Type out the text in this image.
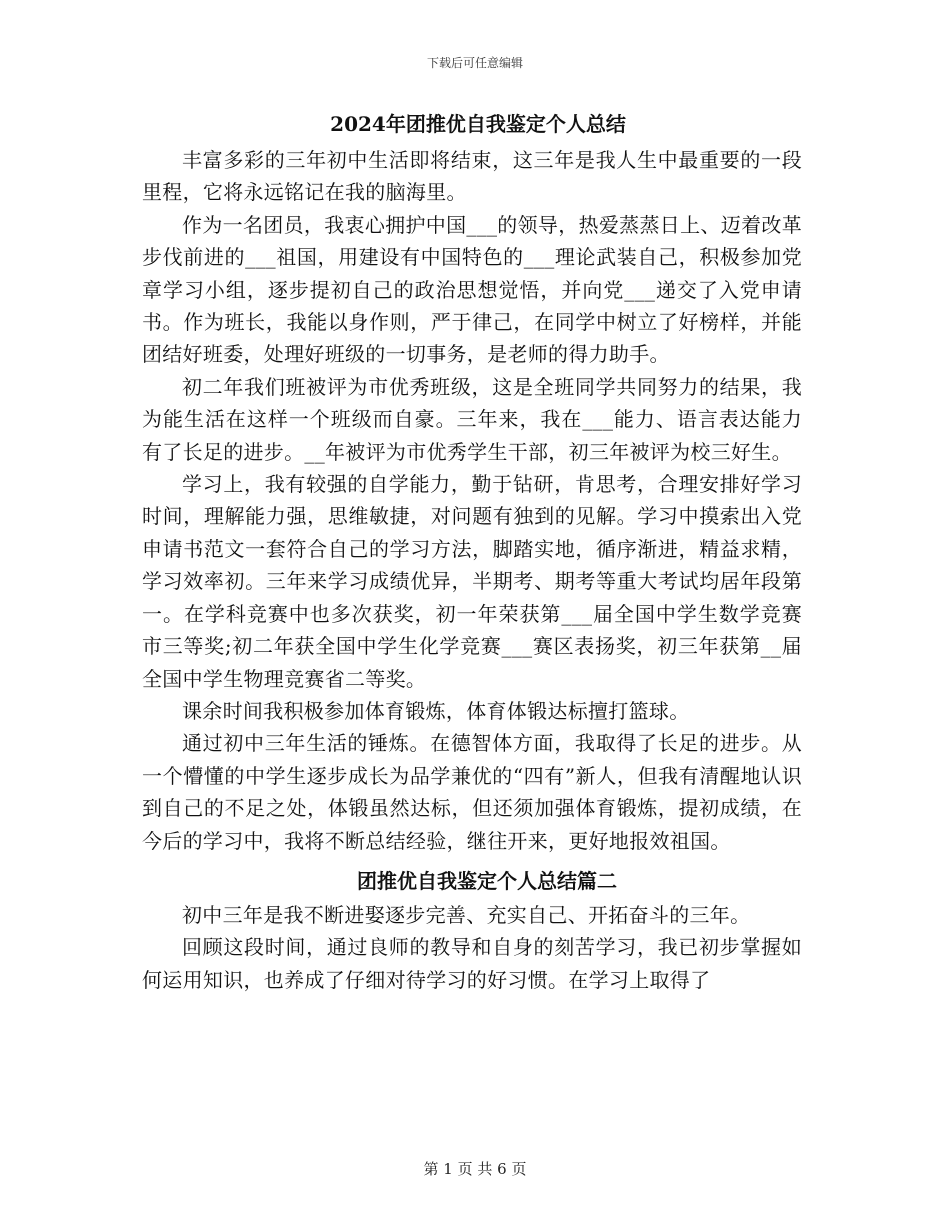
下载后可任意编辑
2024年团推优自我鉴定个人总结

丰富多彩的三年初中生活即将结束，这三年是我人生中最重要的一段里程，它将永远铭记在我的脑海里。

作为一名团员，我衷心拥护中国___的领导，热爱蒸蒸日上、迈着改革步伐前进的___祖国，用建设有中国特色的___理论武装自己，积极参加党章学习小组，逐步提初自己的政治思想觉悟，并向党___递交了入党申请书。作为班长，我能以身作则，严于律己，在同学中树立了好榜样，并能团结好班委，处理好班级的一切事务，是老师的得力助手。

初二年我们班被评为市优秀班级，这是全班同学共同努力的结果，我为能生活在这样一个班级而自豪。三年来，我在___能力、语言表达能力有了长足的进步。__年被评为市优秀学生干部，初三年被评为校三好生。

学习上，我有较强的自学能力，勤于钻研，肯思考，合理安排好学习时间，理解能力强，思维敏捷，对问题有独到的见解。学习中摸索出入党申请书范文一套符合自己的学习方法，脚踏实地，循序渐进，精益求精，学习效率初。三年来学习成绩优异，半期考、期考等重大考试均居年段第一。在学科竞赛中也多次获奖，初一年荣获第___届全国中学生数学竞赛市三等奖;初二年获全国中学生化学竞赛___赛区表扬奖，初三年获第__届全国中学生物理竞赛省二等奖。

课余时间我积极参加体育锻炼，体育体锻达标擅打篮球。

通过初中三年生活的锤炼。在德智体方面，我取得了长足的进步。从一个懵懂的中学生逐步成长为品学兼优的“四有”新人，但我有清醒地认识到自己的不足之处，体锻虽然达标，但还须加强体育锻炼，提初成绩，在今后的学习中，我将不断总结经验，继往开来，更好地报效祖国。

团推优自我鉴定个人总结篇二

初中三年是我不断进娶逐步完善、充实自己、开拓奋斗的三年。

回顾这段时间，通过良师的教导和自身的刻苦学习，我已初步掌握如何运用知识，也养成了仔细对待学习的好习惯。在学习上取得了

第 1 页 共 6 页
